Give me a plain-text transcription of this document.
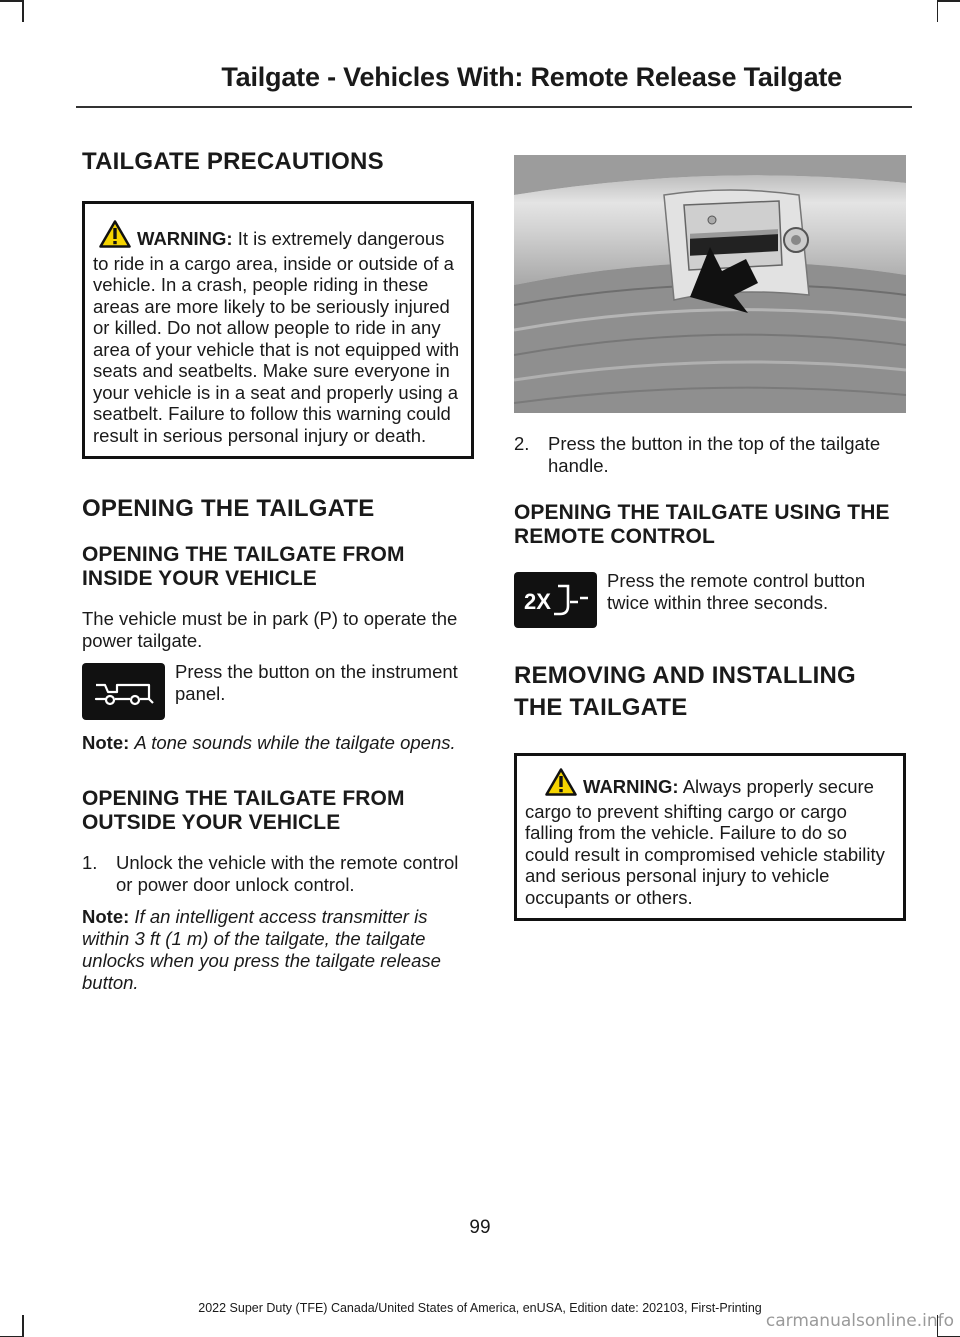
Tailgate - Vehicles With: Remote Release Tailgate
TAILGATE PRECAUTIONS
WARNING: It is extremely dangerous to ride in a cargo area, inside or outside of a vehicle. In a crash, people riding in these areas are more likely to be seriously injured or killed. Do not allow people to ride in any area of your vehicle that is not equipped with seats and seatbelts. Make sure everyone in your vehicle is in a seat and properly using a seatbelt. Failure to follow this warning could result in serious personal injury or death.
OPENING THE TAILGATE
OPENING THE TAILGATE FROM INSIDE YOUR VEHICLE

The vehicle must be in park (P) to operate the power tailgate.

Press the button on the instrument panel.

Note: A tone sounds while the tailgate opens.

OPENING THE TAILGATE FROM OUTSIDE YOUR VEHICLE
1.	Unlock the vehicle with the remote control or power door unlock control.

Note: If an intelligent access transmitter is within 3 ft (1 m) of the tailgate, the tailgate unlocks when you press the tailgate release button.

2.	Press the button in the top of the tailgate handle.

OPENING THE TAILGATE USING THE REMOTE CONTROL
2X

Press the remote control button twice within three seconds.

REMOVING AND INSTALLING
THE TAILGATE
WARNING: Always properly secure cargo to prevent shifting cargo or cargo falling from the vehicle. Failure to do so could result in compromised vehicle stability and serious personal injury to vehicle occupants or others.
99
2022 Super Duty (TFE) Canada/United States of America, enUSA, Edition date: 202103, First-Printing
carmanualsonline.info
